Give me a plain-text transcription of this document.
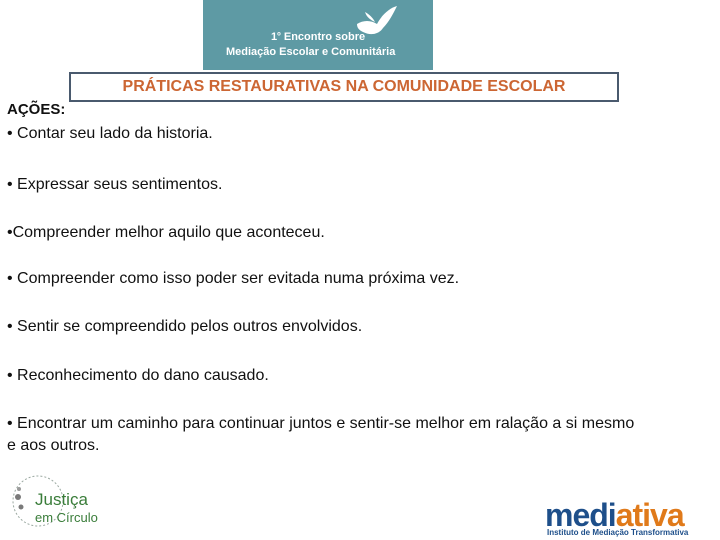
1$^o$ Encontro sobre
Mediação Escolar e Comunitária
PRÁTICAS RESTAURATIVAS NA COMUNIDADE ESCOLAR
AÇÕES:
• Contar seu lado da historia.
• Expressar seus sentimentos.
•Compreender melhor aquilo que aconteceu.
• Compreender como isso poder ser evitada numa próxima vez.
• Sentir se compreendido pelos outros envolvidos.
• Reconhecimento do dano causado.
• Encontrar um caminho para continuar juntos e sentir-se melhor em ralação a si mesmo e aos outros.
Justiça
em Círculo	mediativa
Instituto de Mediação Transformativa
